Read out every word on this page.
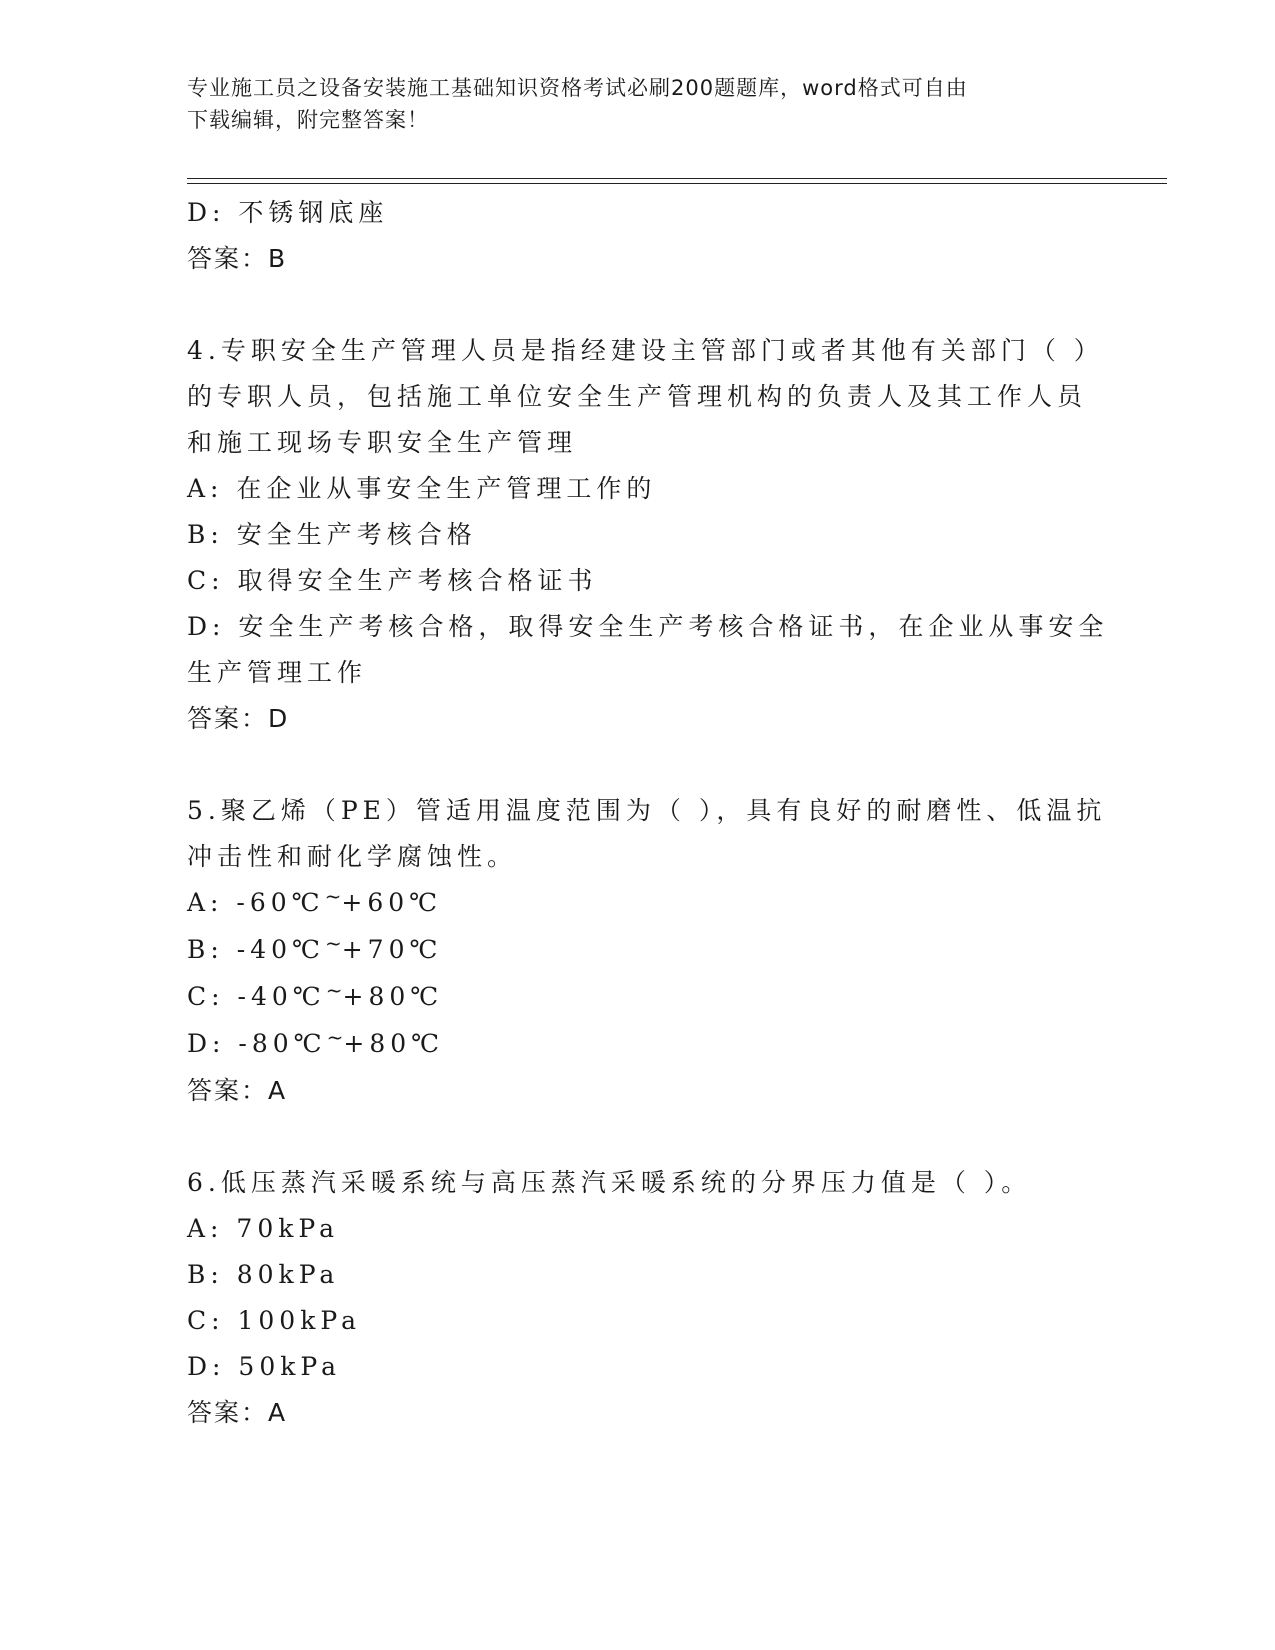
专业施工员之设备安装施工基础知识资格考试必刷200题题库，word格式可自由
下载编辑，附完整答案！
D: 不锈钢底座
答案：B
4.专职安全生产管理人员是指经建设主管部门或者其他有关部门（ ）
的专职人员，包括施工单位安全生产管理机构的负责人及其工作人员
和施工现场专职安全生产管理
A: 在企业从事安全生产管理工作的
B: 安全生产考核合格
C: 取得安全生产考核合格证书
D: 安全生产考核合格，取得安全生产考核合格证书，在企业从事安全
生产管理工作
答案：D
5.聚乙烯（PE）管适用温度范围为（ ），具有良好的耐磨性、低温抗
冲击性和耐化学腐蚀性。
A: -60℃~+60℃
B: -40℃~+70℃
C: -40℃~+80℃
D: -80℃~+80℃
答案：A
6.低压蒸汽采暖系统与高压蒸汽采暖系统的分界压力值是（ ）。
A: 70kPa
B: 80kPa
C: 100kPa
D: 50kPa
答案：A
